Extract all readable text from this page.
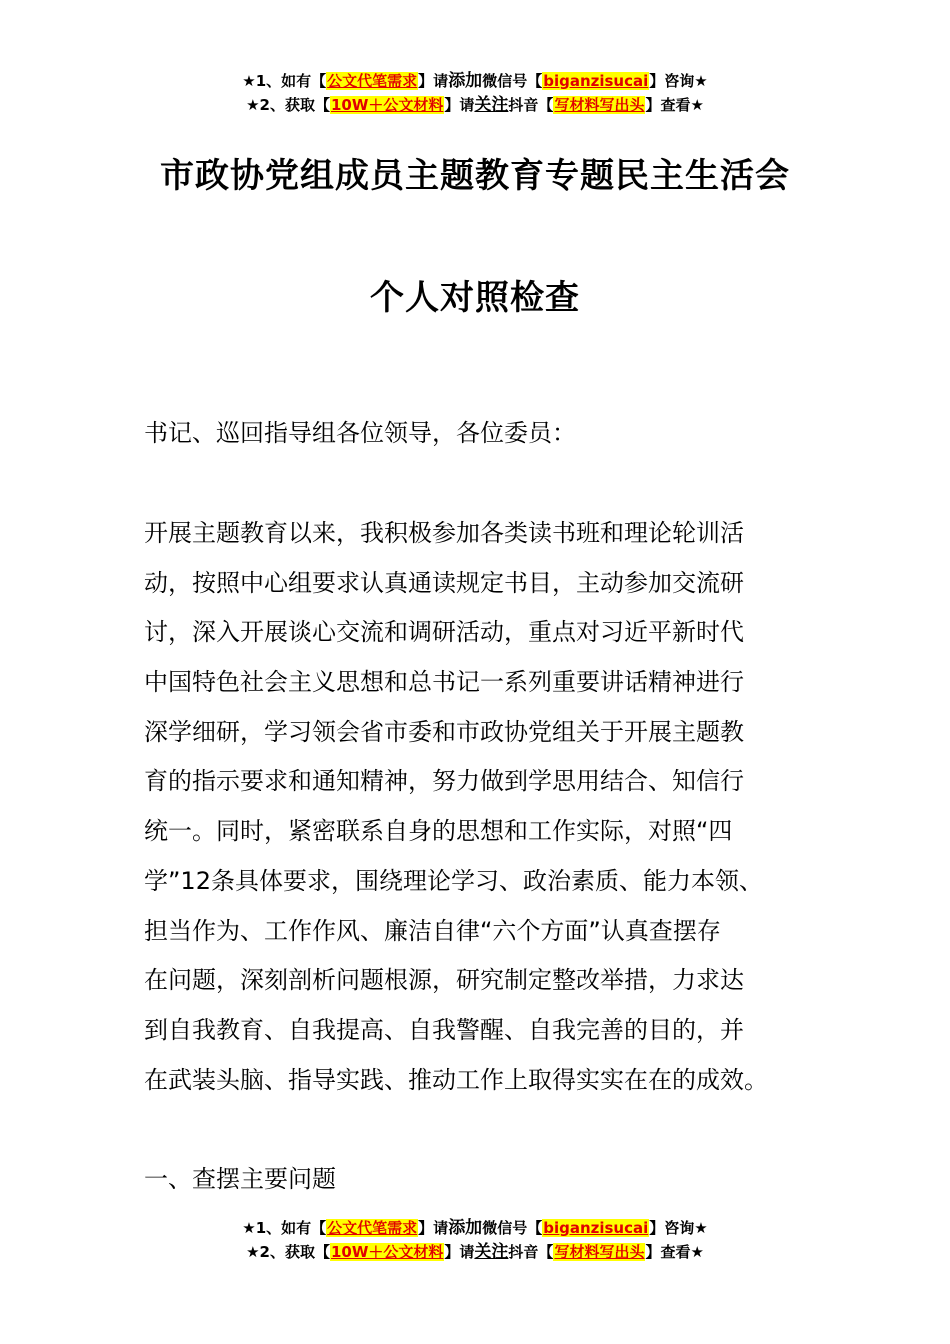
★1、如有【公文代笔需求】请添加微信号【biganzisucai】咨询★
★2、获取【10W＋公文材料】请关注抖音【写材料写出头】查看★
市政协党组成员主题教育专题民主生活会
个人对照检查
书记、巡回指导组各位领导，各位委员：
开展主题教育以来，我积极参加各类读书班和理论轮训活
动，按照中心组要求认真通读规定书目，主动参加交流研
讨，深入开展谈心交流和调研活动，重点对习近平新时代
中国特色社会主义思想和总书记一系列重要讲话精神进行
深学细研，学习领会省市委和市政协党组关于开展主题教
育的指示要求和通知精神，努力做到学思用结合、知信行
统一。同时，紧密联系自身的思想和工作实际，对照“四
学”12条具体要求，围绕理论学习、政治素质、能力本领、
担当作为、工作作风、廉洁自律“六个方面”认真查摆存
在问题，深刻剖析问题根源，研究制定整改举措，力求达
到自我教育、自我提高、自我警醒、自我完善的目的，并
在武装头脑、指导实践、推动工作上取得实实在在的成效。
一、查摆主要问题
★1、如有【公文代笔需求】请添加微信号【biganzisucai】咨询★
★2、获取【10W＋公文材料】请关注抖音【写材料写出头】查看★
